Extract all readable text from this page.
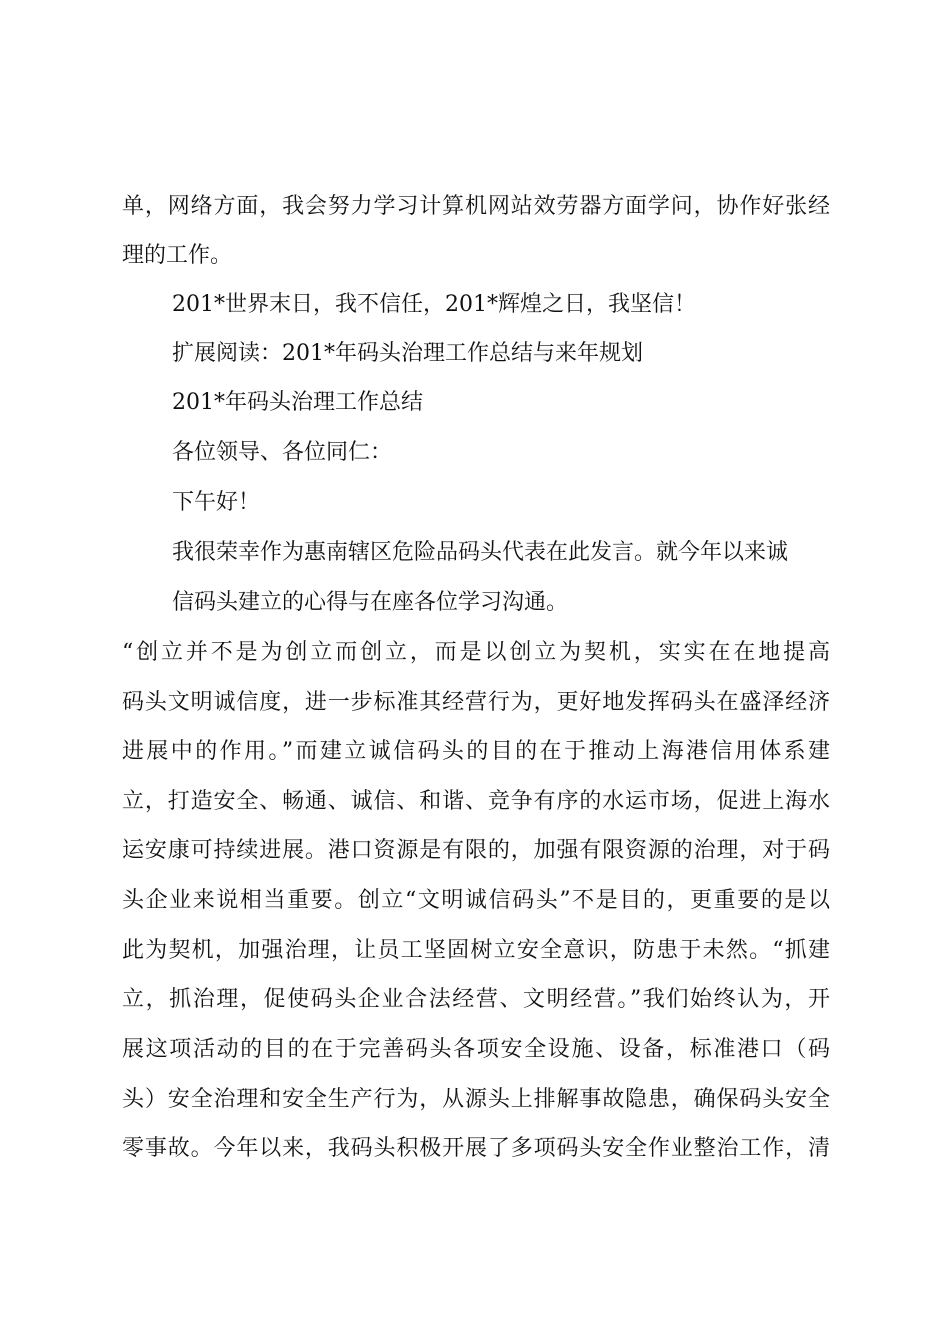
单，网络方面，我会努力学习计算机网站效劳器方面学问，协作好张经
理的工作。
201*世界末日，我不信任，201*辉煌之日，我坚信！
扩展阅读：201*年码头治理工作总结与来年规划
201*年码头治理工作总结
各位领导、各位同仁：
下午好！
我很荣幸作为惠南辖区危险品码头代表在此发言。就今年以来诚
信码头建立的心得与在座各位学习沟通。
“创立并不是为创立而创立，而是以创立为契机，实实在在地提高
码头文明诚信度，进一步标准其经营行为，更好地发挥码头在盛泽经济
进展中的作用。”而建立诚信码头的目的在于推动上海港信用体系建
立，打造安全、畅通、诚信、和谐、竞争有序的水运市场，促进上海水
运安康可持续进展。港口资源是有限的，加强有限资源的治理，对于码
头企业来说相当重要。创立“文明诚信码头”不是目的，更重要的是以
此为契机，加强治理，让员工坚固树立安全意识，防患于未然。“抓建
立，抓治理，促使码头企业合法经营、文明经营。”我们始终认为，开
展这项活动的目的在于完善码头各项安全设施、设备，标准港口（码
头）安全治理和安全生产行为，从源头上排解事故隐患，确保码头安全
零事故。今年以来，我码头积极开展了多项码头安全作业整治工作，清
